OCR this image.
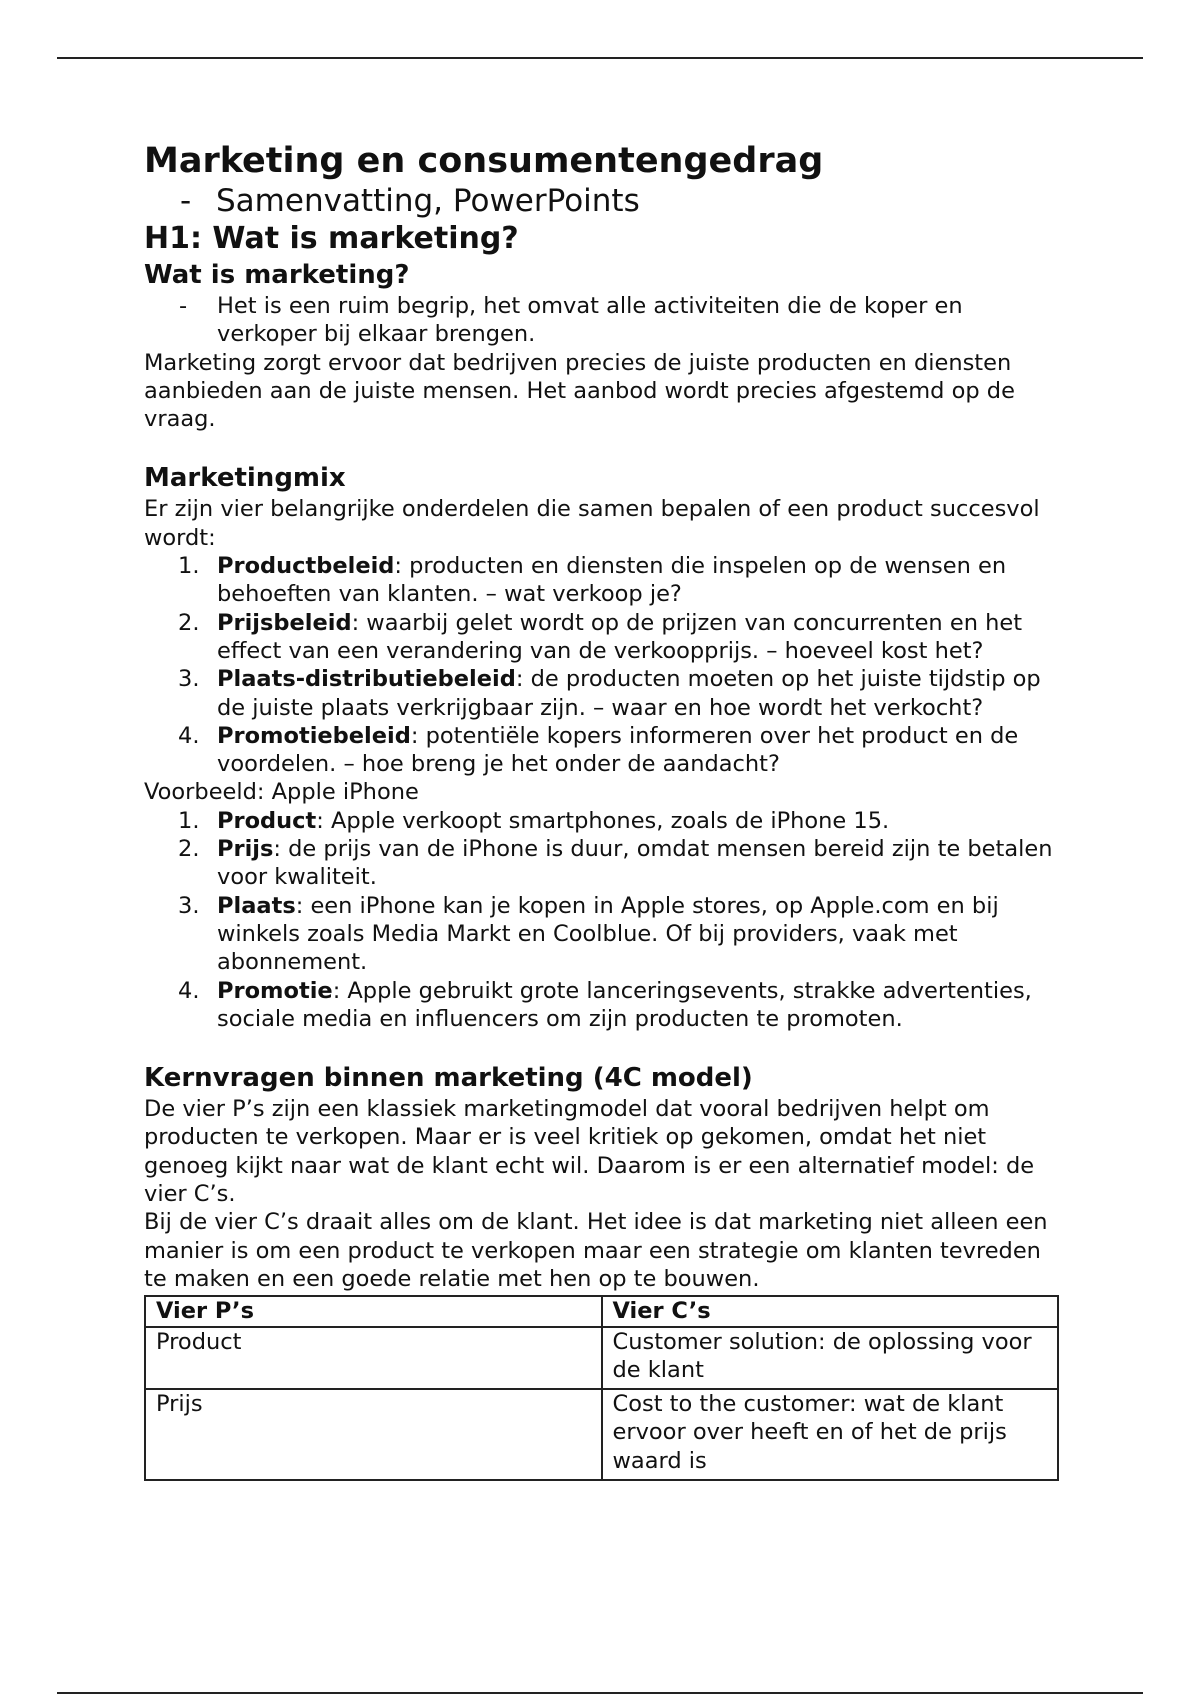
Marketing en consumentengedrag

- Samenvatting, PowerPoints

H1: Wat is marketing?
Wat is marketing?
- Het is een ruim begrip, het omvat alle activiteiten die de koper en verkoper bij elkaar brengen.

Marketing zorgt ervoor dat bedrijven precies de juiste producten en diensten aanbieden aan de juiste mensen. Het aanbod wordt precies afgestemd op de vraag.

Marketingmix

Er zijn vier belangrijke onderdelen die samen bepalen of een product succesvol wordt:

1. Productbeleid: producten en diensten die inspelen op de wensen en behoeften van klanten. – wat verkoop je?
2. Prijsbeleid: waarbij gelet wordt op de prijzen van concurrenten en het effect van een verandering van de verkoopprijs. – hoeveel kost het?
3. Plaats-distributiebeleid: de producten moeten op het juiste tijdstip op de juiste plaats verkrijgbaar zijn. – waar en hoe wordt het verkocht?
4. Promotiebeleid: potentiële kopers informeren over het product en de voordelen. – hoe breng je het onder de aandacht?

Voorbeeld: Apple iPhone

1. Product: Apple verkoopt smartphones, zoals de iPhone 15.
2. Prijs: de prijs van de iPhone is duur, omdat mensen bereid zijn te betalen voor kwaliteit.
3. Plaats: een iPhone kan je kopen in Apple stores, op Apple.com en bij winkels zoals Media Markt en Coolblue. Of bij providers, vaak met abonnement.
4. Promotie: Apple gebruikt grote lanceringsevents, strakke advertenties, sociale media en influencers om zijn producten te promoten.
Kernvragen binnen marketing (4C model)

De vier P’s zijn een klassiek marketingmodel dat vooral bedrijven helpt om producten te verkopen. Maar er is veel kritiek op gekomen, omdat het niet genoeg kijkt naar wat de klant echt wil. Daarom is er een alternatief model: de vier C’s.

Bij de vier C’s draait alles om de klant. Het idee is dat marketing niet alleen een manier is om een product te verkopen maar een strategie om klanten tevreden te maken en een goede relatie met hen op te bouwen.

Vier P’s	Vier C’s
Product	Customer solution: de oplossing voor de klant
Prijs	Cost to the customer: wat de klant ervoor over heeft en of het de prijs waard is
